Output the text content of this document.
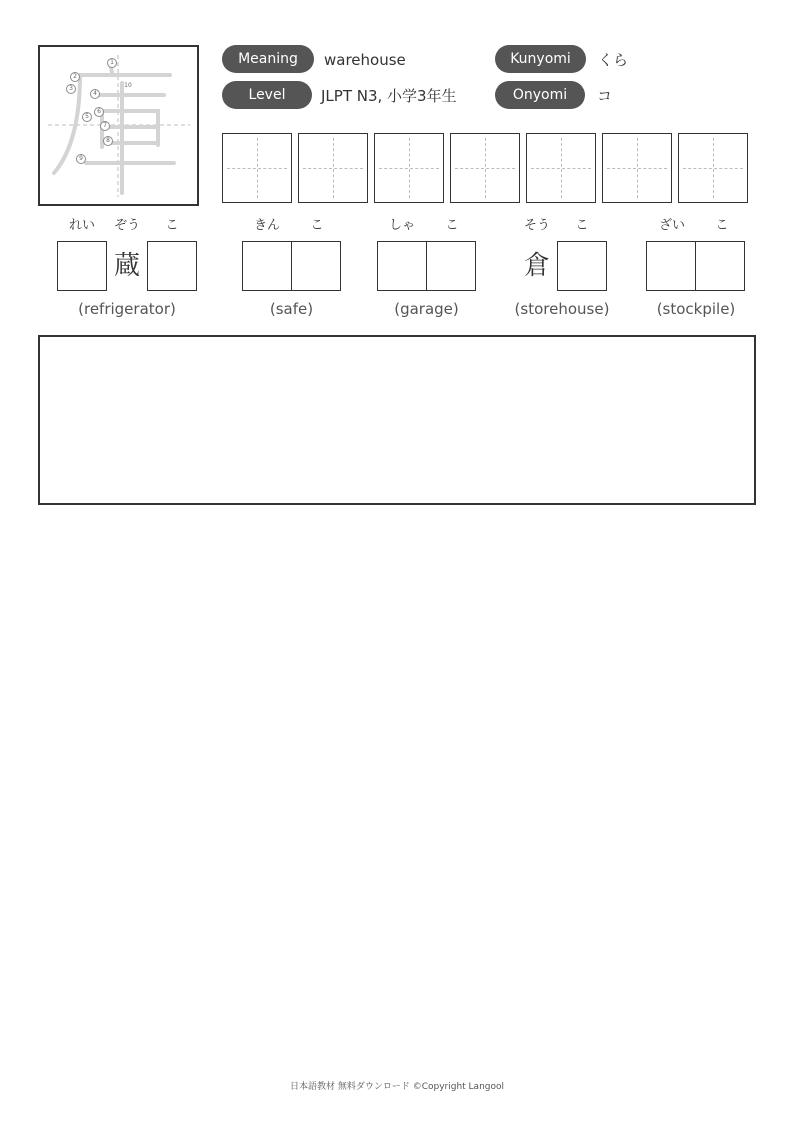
1
2
3
4
5
6
7
8
9
10
Meaning	warehouse
Level	JLPT N3, 小学3年生
Kunyomi	くら
Onyomi	コ
れい	ぞう	こ
蔵
(refrigerator)
きん	こ
(safe)
しゃ	こ
(garage)
そう	こ
倉
(storehouse)
ざい	こ
(stockpile)
日本語教材 無料ダウンロード ©Copyright Langool
